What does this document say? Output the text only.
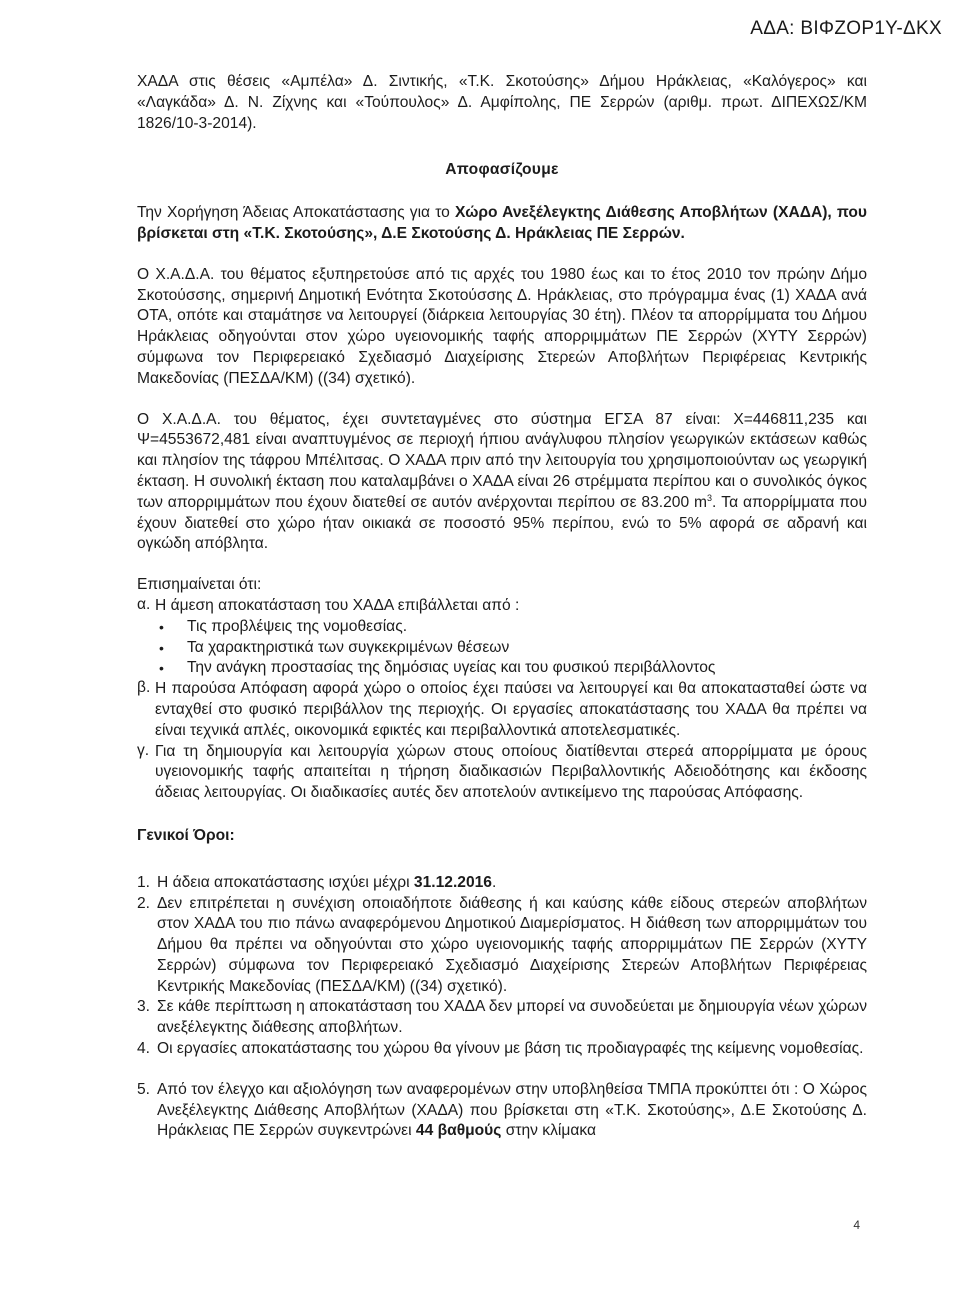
ΑΔΑ: ΒΙΦΖΟΡ1Υ-ΔΚΧ

ΧΑΔΑ στις θέσεις «Αμπέλα» Δ. Σιντικής, «Τ.Κ. Σκοτούσης» Δήμου Ηράκλειας, «Καλόγερος» και «Λαγκάδα» Δ. Ν. Ζίχνης και «Τούπουλος» Δ. Αμφίπολης, ΠΕ Σερρών (αριθμ. πρωτ. ΔΙΠΕΧΩΣ/ΚΜ 1826/10-3-2014).

Αποφασίζουμε

Την Χορήγηση Άδειας Αποκατάστασης για το Χώρο Ανεξέλεγκτης Διάθεσης Αποβλήτων (ΧΑΔΑ), που βρίσκεται στη «Τ.Κ. Σκοτούσης», Δ.Ε Σκοτούσης Δ. Ηράκλειας ΠΕ Σερρών.

Ο Χ.Α.Δ.Α. του θέματος εξυπηρετούσε από τις αρχές του 1980 έως και το έτος 2010 τον πρώην Δήμο Σκοτούσσης, σημερινή Δημοτική Ενότητα Σκοτούσσης Δ. Ηράκλειας, στο πρόγραμμα ένας (1) ΧΑΔΑ ανά ΟΤΑ, οπότε και σταμάτησε να λειτουργεί (διάρκεια λειτουργίας 30 έτη). Πλέον τα απορρίμματα του Δήμου Ηράκλειας οδηγούνται στον χώρο υγειονομικής ταφής απορριμμάτων ΠΕ Σερρών (ΧΥΤΥ Σερρών) σύμφωνα τον Περιφερειακό Σχεδιασμό Διαχείρισης Στερεών Αποβλήτων Περιφέρειας Κεντρικής Μακεδονίας (ΠΕΣΔΑ/ΚΜ) ((34) σχετικό).

Ο Χ.Α.Δ.Α. του θέματος, έχει συντεταγμένες στο σύστημα ΕΓΣΑ 87 είναι: Χ=446811,235 και Ψ=4553672,481 είναι αναπτυγμένος σε περιοχή ήπιου ανάγλυφου πλησίον γεωργικών εκτάσεων καθώς και πλησίον της τάφρου Μπέλιτσας. Ο ΧΑΔΑ πριν από την λειτουργία του χρησιμοποιούνταν ως γεωργική έκταση. Η συνολική έκταση που καταλαμβάνει ο ΧΑΔΑ είναι 26 στρέμματα περίπου και ο συνολικός όγκος των απορριμμάτων που έχουν διατεθεί σε αυτόν ανέρχονται περίπου σε 83.200 $m^3$. Τα απορρίμματα που έχουν διατεθεί στο χώρο ήταν οικιακά σε ποσοστό 95% περίπου, ενώ το 5% αφορά σε αδρανή και ογκώδη απόβλητα.

Επισημαίνεται ότι:

α. Η άμεση αποκατάσταση του ΧΑΔΑ επιβάλλεται από :
• Τις προβλέψεις της νομοθεσίας.
• Τα χαρακτηριστικά των συγκεκριμένων θέσεων
• Την ανάγκη προστασίας της δημόσιας υγείας και του φυσικού περιβάλλοντος
β. Η παρούσα Απόφαση αφορά χώρο ο οποίος έχει παύσει να λειτουργεί και θα αποκατασταθεί ώστε να ενταχθεί στο φυσικό περιβάλλον της περιοχής. Οι εργασίες αποκατάστασης του ΧΑΔΑ θα πρέπει να είναι τεχνικά απλές, οικονομικά εφικτές και περιβαλλοντικά αποτελεσματικές.
γ. Για τη δημιουργία και λειτουργία χώρων στους οποίους διατίθενται στερεά απορρίμματα με όρους υγειονομικής ταφής απαιτείται η τήρηση διαδικασιών Περιβαλλοντικής Αδειοδότησης και έκδοσης άδειας λειτουργίας. Οι διαδικασίες αυτές δεν αποτελούν αντικείμενο της παρούσας Απόφασης.

Γενικοί Όροι:

1. Η άδεια αποκατάστασης ισχύει μέχρι 31.12.2016.
2. Δεν επιτρέπεται η συνέχιση οποιαδήποτε διάθεσης ή και καύσης κάθε είδους στερεών αποβλήτων στον ΧΑΔΑ του πιο πάνω αναφερόμενου Δημοτικού Διαμερίσματος. Η διάθεση των απορριμμάτων του Δήμου θα πρέπει να οδηγούνται στο χώρο υγειονομικής ταφής απορριμμάτων ΠΕ Σερρών (ΧΥΤΥ Σερρών) σύμφωνα τον Περιφερειακό Σχεδιασμό Διαχείρισης Στερεών Αποβλήτων Περιφέρειας Κεντρικής Μακεδονίας (ΠΕΣΔΑ/ΚΜ) ((34) σχετικό).
3. Σε κάθε περίπτωση η αποκατάσταση του ΧΑΔΑ δεν μπορεί να συνοδεύεται με δημιουργία νέων χώρων ανεξέλεγκτης διάθεσης αποβλήτων.
4. Οι εργασίες αποκατάστασης του χώρου θα γίνουν με βάση τις προδιαγραφές της κείμενης νομοθεσίας.
5. Από τον έλεγχο και αξιολόγηση των αναφερομένων στην υποβληθείσα ΤΜΠΑ προκύπτει ότι : Ο Χώρος Ανεξέλεγκτης Διάθεσης Αποβλήτων (ΧΑΔΑ) που βρίσκεται στη «Τ.Κ. Σκοτούσης», Δ.Ε Σκοτούσης Δ. Ηράκλειας ΠΕ Σερρών συγκεντρώνει 44 βαθμούς στην κλίμακα
4
